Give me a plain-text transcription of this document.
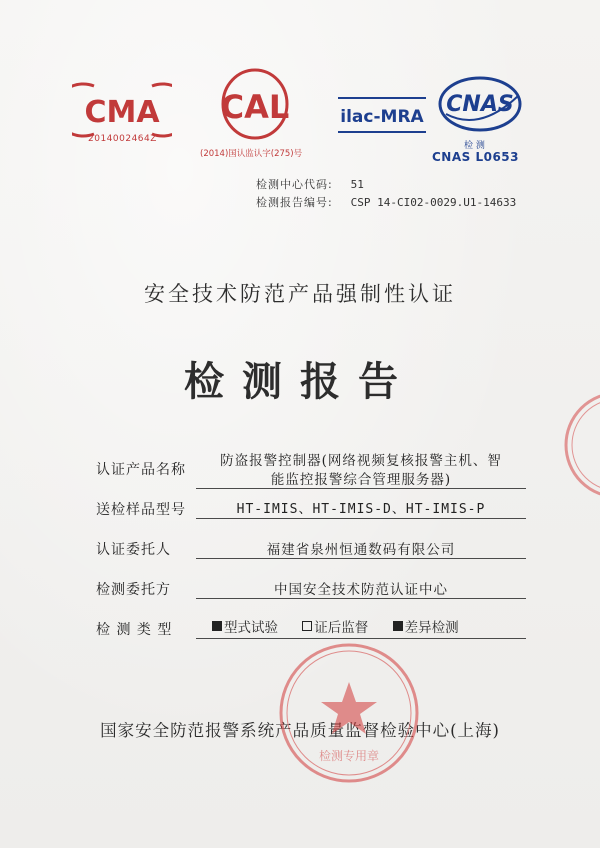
CMA
2014002464Z
CAL
(2014)国认监认字(275)号
ilac-MRA CNAS
检 测
CNAS L0653
检测中心代码: 51
检测报告编号: CSP 14-CI02-0029.U1-14633
安全技术防范产品强制性认证
检测报告
认证产品名称
防盗报警控制器(网络视频复核报警主机、智
能监控报警综合管理服务器)
送检样品型号	HT-IMIS、HT-IMIS-D、HT-IMIS-P
认证委托人	福建省泉州恒通数码有限公司
检测委托方	中国安全技术防范认证中心
检 测 类 型	型式试验	证后监督	差异检测
国家安全防范报警系统产品质量监督检验中心(上海)
检测专用章
